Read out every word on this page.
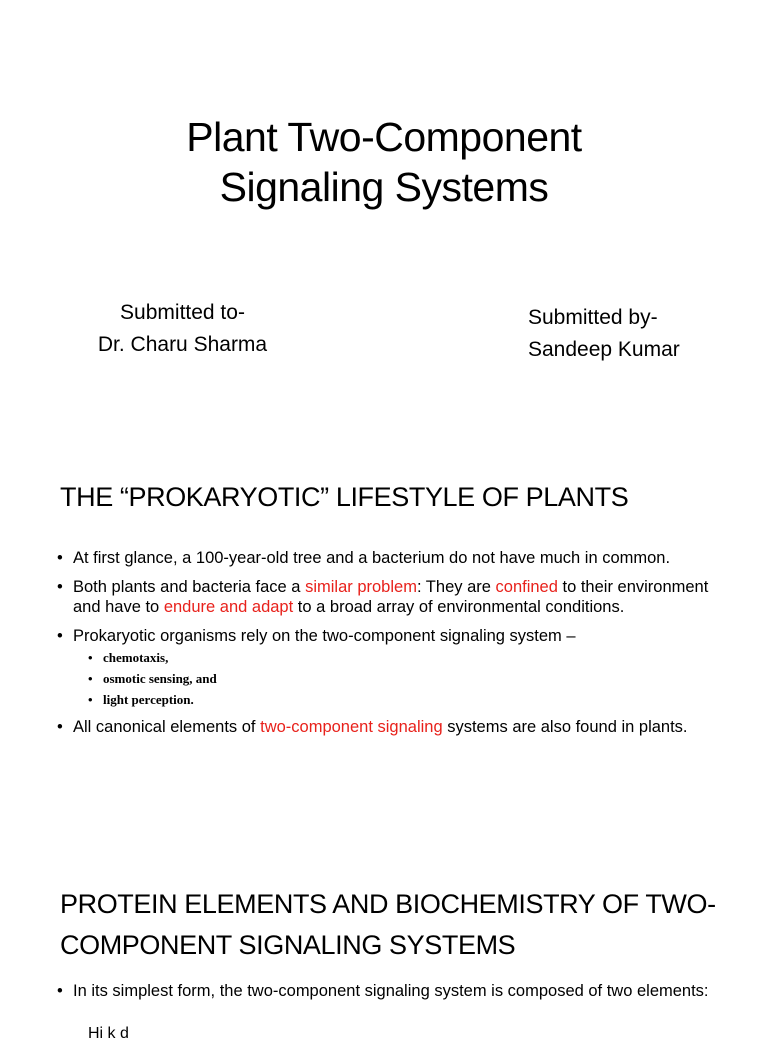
Plant Two-Component
Signaling Systems
Submitted to-
Dr. Charu Sharma
Submitted by-
Sandeep Kumar
THE “PROKARYOTIC” LIFESTYLE OF PLANTS
• At first glance, a 100-year-old tree and a bacterium do not have much in common.
• Both plants and bacteria face a similar problem: They are confined to their environment and have to endure and adapt to a broad array of environmental conditions.
• Prokaryotic organisms rely on the two-component signaling system –
• chemotaxis,
• osmotic sensing, and
• light perception.
• All canonical elements of two-component signaling systems are also found in plants.
PROTEIN ELEMENTS AND BIOCHEMISTRY OF TWO-
COMPONENT SIGNALING SYSTEMS
• In its simplest form, the two-component signaling system is composed of two elements:
Hi k d
